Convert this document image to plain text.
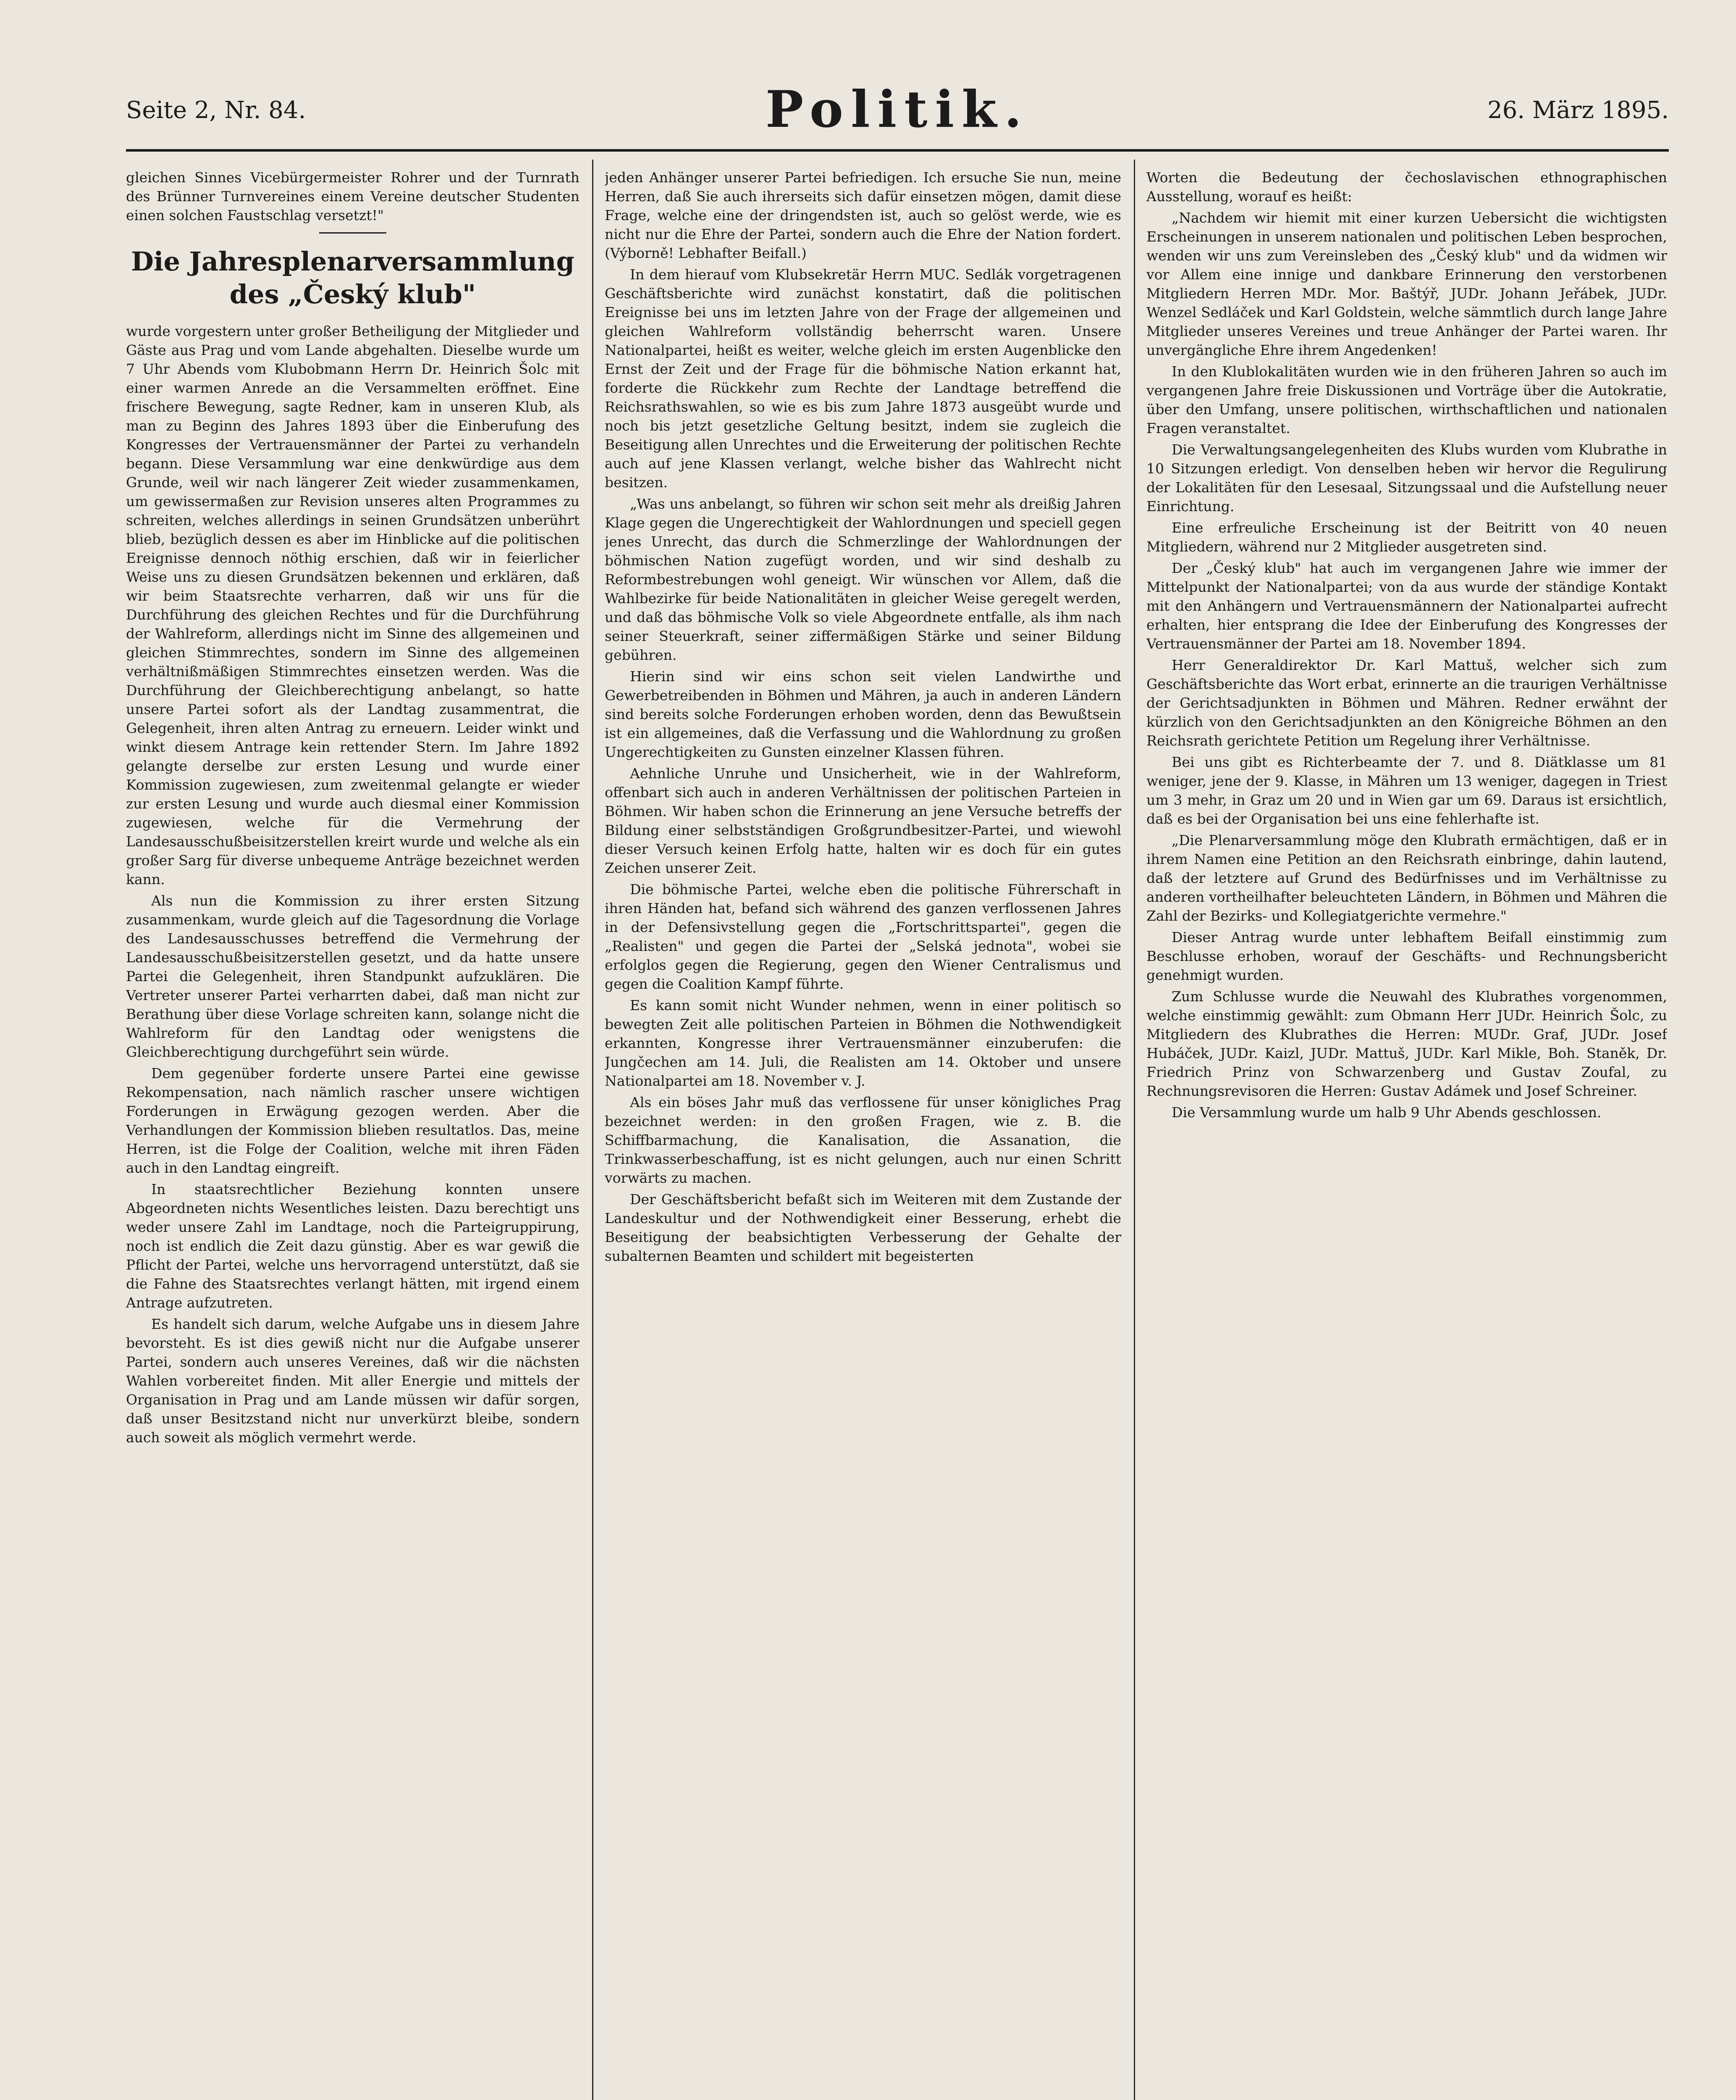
Seite 2, Nr. 84.	Politik.	26. März 1895.

gleichen Sinnes Vicebürgermeister Rohrer und der Turnrath des Brünner Turnvereines einem Vereine deutscher Studenten einen solchen Faustschlag versetzt!"

Die Jahresplenarversammlung des „Český klub"

wurde vorgestern unter großer Betheiligung der Mitglieder und Gäste aus Prag und vom Lande abgehalten. Dieselbe wurde um 7 Uhr Abends vom Klubobmann Herrn Dr. Heinrich Šolc mit einer warmen Anrede an die Versammelten eröffnet. Eine frischere Bewegung, sagte Redner, kam in unseren Klub, als man zu Beginn des Jahres 1893 über die Einberufung des Kongresses der Vertrauensmänner der Partei zu verhandeln begann. Diese Versammlung war eine denkwürdige aus dem Grunde, weil wir nach längerer Zeit wieder zusammenkamen, um gewissermaßen zur Revision unseres alten Programmes zu schreiten, welches allerdings in seinen Grundsätzen unberührt blieb, bezüglich dessen es aber im Hinblicke auf die politischen Ereignisse dennoch nöthig erschien, daß wir in feierlicher Weise uns zu diesen Grundsätzen bekennen und erklären, daß wir beim Staatsrechte verharren, daß wir uns für die Durchführung des gleichen Rechtes und für die Durchführung der Wahlreform, allerdings nicht im Sinne des allgemeinen und gleichen Stimmrechtes, sondern im Sinne des allgemeinen verhältnißmäßigen Stimmrechtes einsetzen werden. Was die Durchführung der Gleichberechtigung anbelangt, so hatte unsere Partei sofort als der Landtag zusammentrat, die Gelegenheit, ihren alten Antrag zu erneuern. Leider winkt und winkt diesem Antrage kein rettender Stern. Im Jahre 1892 gelangte derselbe zur ersten Lesung und wurde einer Kommission zugewiesen, zum zweitenmal gelangte er wieder zur ersten Lesung und wurde auch diesmal einer Kommission zugewiesen, welche für die Vermehrung der Landesausschußbeisitzerstellen kreirt wurde und welche als ein großer Sarg für diverse unbequeme Anträge bezeichnet werden kann.

Als nun die Kommission zu ihrer ersten Sitzung zusammenkam, wurde gleich auf die Tagesordnung die Vorlage des Landesausschusses betreffend die Vermehrung der Landesausschußbeisitzerstellen gesetzt, und da hatte unsere Partei die Gelegenheit, ihren Standpunkt aufzuklären. Die Vertreter unserer Partei verharrten dabei, daß man nicht zur Berathung über diese Vorlage schreiten kann, solange nicht die Wahlreform für den Landtag oder wenigstens die Gleichberechtigung durchgeführt sein würde.

Dem gegenüber forderte unsere Partei eine gewisse Rekompensation, nach nämlich rascher unsere wichtigen Forderungen in Erwägung gezogen werden. Aber die Verhandlungen der Kommission blieben resultatlos. Das, meine Herren, ist die Folge der Coalition, welche mit ihren Fäden auch in den Landtag eingreift.

In staatsrechtlicher Beziehung konnten unsere Abgeordneten nichts Wesentliches leisten. Dazu berechtigt uns weder unsere Zahl im Landtage, noch die Parteigruppirung, noch ist endlich die Zeit dazu günstig. Aber es war gewiß die Pflicht der Partei, welche uns hervorragend unterstützt, daß sie die Fahne des Staatsrechtes verlangt hätten, mit irgend einem Antrage aufzutreten.

Es handelt sich darum, welche Aufgabe uns in diesem Jahre bevorsteht. Es ist dies gewiß nicht nur die Aufgabe unserer Partei, sondern auch unseres Vereines, daß wir die nächsten Wahlen vorbereitet finden. Mit aller Energie und mittels der Organisation in Prag und am Lande müssen wir dafür sorgen, daß unser Besitzstand nicht nur unverkürzt bleibe, sondern auch soweit als möglich vermehrt werde.

jeden Anhänger unserer Partei befriedigen. Ich ersuche Sie nun, meine Herren, daß Sie auch ihrerseits sich dafür einsetzen mögen, damit diese Frage, welche eine der dringendsten ist, auch so gelöst werde, wie es nicht nur die Ehre der Partei, sondern auch die Ehre der Nation fordert. (Výborně! Lebhafter Beifall.)

In dem hierauf vom Klubsekretär Herrn MUC. Sedlák vorgetragenen Geschäftsberichte wird zunächst konstatirt, daß die politischen Ereignisse bei uns im letzten Jahre von der Frage der allgemeinen und gleichen Wahlreform vollständig beherrscht waren. Unsere Nationalpartei, heißt es weiter, welche gleich im ersten Augenblicke den Ernst der Zeit und der Frage für die böhmische Nation erkannt hat, forderte die Rückkehr zum Rechte der Landtage betreffend die Reichsrathswahlen, so wie es bis zum Jahre 1873 ausgeübt wurde und noch bis jetzt gesetzliche Geltung besitzt, indem sie zugleich die Beseitigung allen Unrechtes und die Erweiterung der politischen Rechte auch auf jene Klassen verlangt, welche bisher das Wahlrecht nicht besitzen.

„Was uns anbelangt, so führen wir schon seit mehr als dreißig Jahren Klage gegen die Ungerechtigkeit der Wahlordnungen und speciell gegen jenes Unrecht, das durch die Schmerzlinge der Wahlordnungen der böhmischen Nation zugefügt worden, und wir sind deshalb zu Reformbestrebungen wohl geneigt. Wir wünschen vor Allem, daß die Wahlbezirke für beide Nationalitäten in gleicher Weise geregelt werden, und daß das böhmische Volk so viele Abgeordnete entfalle, als ihm nach seiner Steuerkraft, seiner ziffermäßigen Stärke und seiner Bildung gebühren.

Hierin sind wir eins schon seit vielen Landwirthe und Gewerbetreibenden in Böhmen und Mähren, ja auch in anderen Ländern sind bereits solche Forderungen erhoben worden, denn das Bewußtsein ist ein allgemeines, daß die Verfassung und die Wahlordnung zu großen Ungerechtigkeiten zu Gunsten einzelner Klassen führen.

Aehnliche Unruhe und Unsicherheit, wie in der Wahlreform, offenbart sich auch in anderen Verhältnissen der politischen Parteien in Böhmen. Wir haben schon die Erinnerung an jene Versuche betreffs der Bildung einer selbstständigen Großgrundbesitzer-Partei, und wiewohl dieser Versuch keinen Erfolg hatte, halten wir es doch für ein gutes Zeichen unserer Zeit.

Die böhmische Partei, welche eben die politische Führerschaft in ihren Händen hat, befand sich während des ganzen verflossenen Jahres in der Defensivstellung gegen die „Fortschrittspartei", gegen die „Realisten" und gegen die Partei der „Selská jednota", wobei sie erfolglos gegen die Regierung, gegen den Wiener Centralismus und gegen die Coalition Kampf führte.

Es kann somit nicht Wunder nehmen, wenn in einer politisch so bewegten Zeit alle politischen Parteien in Böhmen die Nothwendigkeit erkannten, Kongresse ihrer Vertrauensmänner einzuberufen: die Jungčechen am 14. Juli, die Realisten am 14. Oktober und unsere Nationalpartei am 18. November v. J.

Als ein böses Jahr muß das verflossene für unser königliches Prag bezeichnet werden: in den großen Fragen, wie z. B. die Schiffbarmachung, die Kanalisation, die Assanation, die Trinkwasserbeschaffung, ist es nicht gelungen, auch nur einen Schritt vorwärts zu machen.

Der Geschäftsbericht befaßt sich im Weiteren mit dem Zustande der Landeskultur und der Nothwendigkeit einer Besserung, erhebt die Beseitigung der beabsichtigten Verbesserung der Gehalte der subalternen Beamten und schildert mit begeisterten

Worten die Bedeutung der čechoslavischen ethnographischen Ausstellung, worauf es heißt:

„Nachdem wir hiemit mit einer kurzen Uebersicht die wichtigsten Erscheinungen in unserem nationalen und politischen Leben besprochen, wenden wir uns zum Vereinsleben des „Český klub" und da widmen wir vor Allem eine innige und dankbare Erinnerung den verstorbenen Mitgliedern Herren MDr. Mor. Baštýř, JUDr. Johann Jeřábek, JUDr. Wenzel Sedláček und Karl Goldstein, welche sämmtlich durch lange Jahre Mitglieder unseres Vereines und treue Anhänger der Partei waren. Ihr unvergängliche Ehre ihrem Angedenken!

In den Klublokalitäten wurden wie in den früheren Jahren so auch im vergangenen Jahre freie Diskussionen und Vorträge über die Autokratie, über den Umfang, unsere politischen, wirthschaftlichen und nationalen Fragen veranstaltet.

Die Verwaltungsangelegenheiten des Klubs wurden vom Klubrathe in 10 Sitzungen erledigt. Von denselben heben wir hervor die Regulirung der Lokalitäten für den Lesesaal, Sitzungssaal und die Aufstellung neuer Einrichtung.

Eine erfreuliche Erscheinung ist der Beitritt von 40 neuen Mitgliedern, während nur 2 Mitglieder ausgetreten sind.

Der „Český klub" hat auch im vergangenen Jahre wie immer der Mittelpunkt der Nationalpartei; von da aus wurde der ständige Kontakt mit den Anhängern und Vertrauensmännern der Nationalpartei aufrecht erhalten, hier entsprang die Idee der Einberufung des Kongresses der Vertrauensmänner der Partei am 18. November 1894.

Herr Generaldirektor Dr. Karl Mattuš, welcher sich zum Geschäftsberichte das Wort erbat, erinnerte an die traurigen Verhältnisse der Gerichtsadjunkten in Böhmen und Mähren. Redner erwähnt der kürzlich von den Gerichtsadjunkten an den Königreiche Böhmen an den Reichsrath gerichtete Petition um Regelung ihrer Verhältnisse.

Bei uns gibt es Richterbeamte der 7. und 8. Diätklasse um 81 weniger, jene der 9. Klasse, in Mähren um 13 weniger, dagegen in Triest um 3 mehr, in Graz um 20 und in Wien gar um 69. Daraus ist ersichtlich, daß es bei der Organisation bei uns eine fehlerhafte ist.

„Die Plenarversammlung möge den Klubrath ermächtigen, daß er in ihrem Namen eine Petition an den Reichsrath einbringe, dahin lautend, daß der letztere auf Grund des Bedürfnisses und im Verhältnisse zu anderen vortheilhafter beleuchteten Ländern, in Böhmen und Mähren die Zahl der Bezirks- und Kollegiatgerichte vermehre."

Dieser Antrag wurde unter lebhaftem Beifall einstimmig zum Beschlusse erhoben, worauf der Geschäfts- und Rechnungsbericht genehmigt wurden.

Zum Schlusse wurde die Neuwahl des Klubrathes vorgenommen, welche einstimmig gewählt: zum Obmann Herr JUDr. Heinrich Šolc, zu Mitgliedern des Klubrathes die Herren: MUDr. Graf, JUDr. Josef Hubáček, JUDr. Kaizl, JUDr. Mattuš, JUDr. Karl Mikle, Boh. Staněk, Dr. Friedrich Prinz von Schwarzenberg und Gustav Zoufal, zu Rechnungsrevisoren die Herren: Gustav Adámek und Josef Schreiner.

Die Versammlung wurde um halb 9 Uhr Abends geschlossen.
